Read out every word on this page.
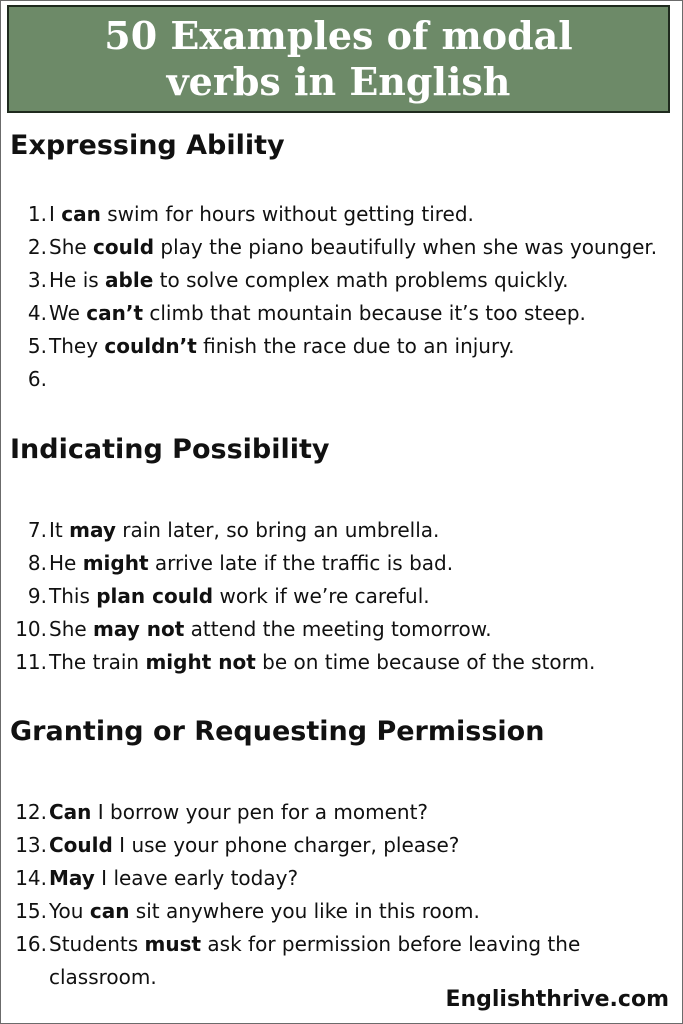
50 Examples of modal
verbs in English
Expressing Ability
1. I can swim for hours without getting tired.
2. She could play the piano beautifully when she was younger.
3. He is able to solve complex math problems quickly.
4. We can’t climb that mountain because it’s too steep.
5. They couldn’t finish the race due to an injury.
6.

Indicating Possibility
7. It may rain later, so bring an umbrella.
8. He might arrive late if the traffic is bad.
9. This plan could work if we’re careful.
10. She may not attend the meeting tomorrow.
11. The train might not be on time because of the storm.
Granting or Requesting Permission
12. Can I borrow your pen for a moment?
13. Could I use your phone charger, please?
14. May I leave early today?
15. You can sit anywhere you like in this room.
16. Students must ask for permission before leaving the classroom.
Englishthrive.com
